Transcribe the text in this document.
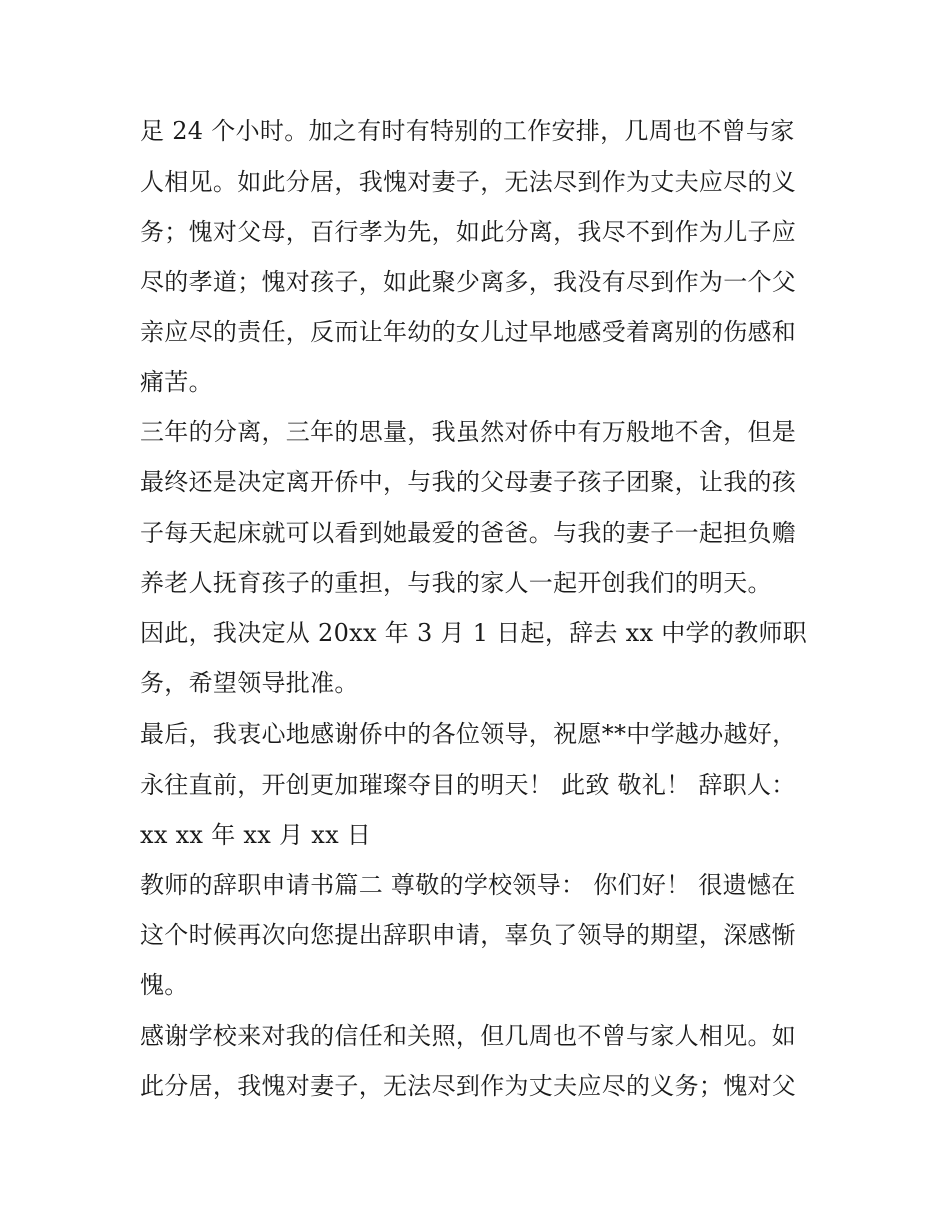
足 24 个小时。加之有时有特别的工作安排，几周也不曾与家
人相见。如此分居，我愧对妻子，无法尽到作为丈夫应尽的义
务；愧对父母，百行孝为先，如此分离，我尽不到作为儿子应
尽的孝道；愧对孩子，如此聚少离多，我没有尽到作为一个父
亲应尽的责任，反而让年幼的女儿过早地感受着离别的伤感和
痛苦。
三年的分离，三年的思量，我虽然对侨中有万般地不舍，但是
最终还是决定离开侨中，与我的父母妻子孩子团聚，让我的孩
子每天起床就可以看到她最爱的爸爸。与我的妻子一起担负赡
养老人抚育孩子的重担，与我的家人一起开创我们的明天。
因此，我决定从 20xx 年 3 月 1 日起，辞去 xx 中学的教师职
务，希望领导批准。
最后，我衷心地感谢侨中的各位领导，祝愿**中学越办越好，
永往直前，开创更加璀璨夺目的明天！ 此致 敬礼！ 辞职人：
xx xx 年 xx 月 xx 日
教师的辞职申请书篇二 尊敬的学校领导： 你们好！ 很遗憾在
这个时候再次向您提出辞职申请，辜负了领导的期望，深感惭
愧。
感谢学校来对我的信任和关照，但几周也不曾与家人相见。如
此分居，我愧对妻子，无法尽到作为丈夫应尽的义务；愧对父
